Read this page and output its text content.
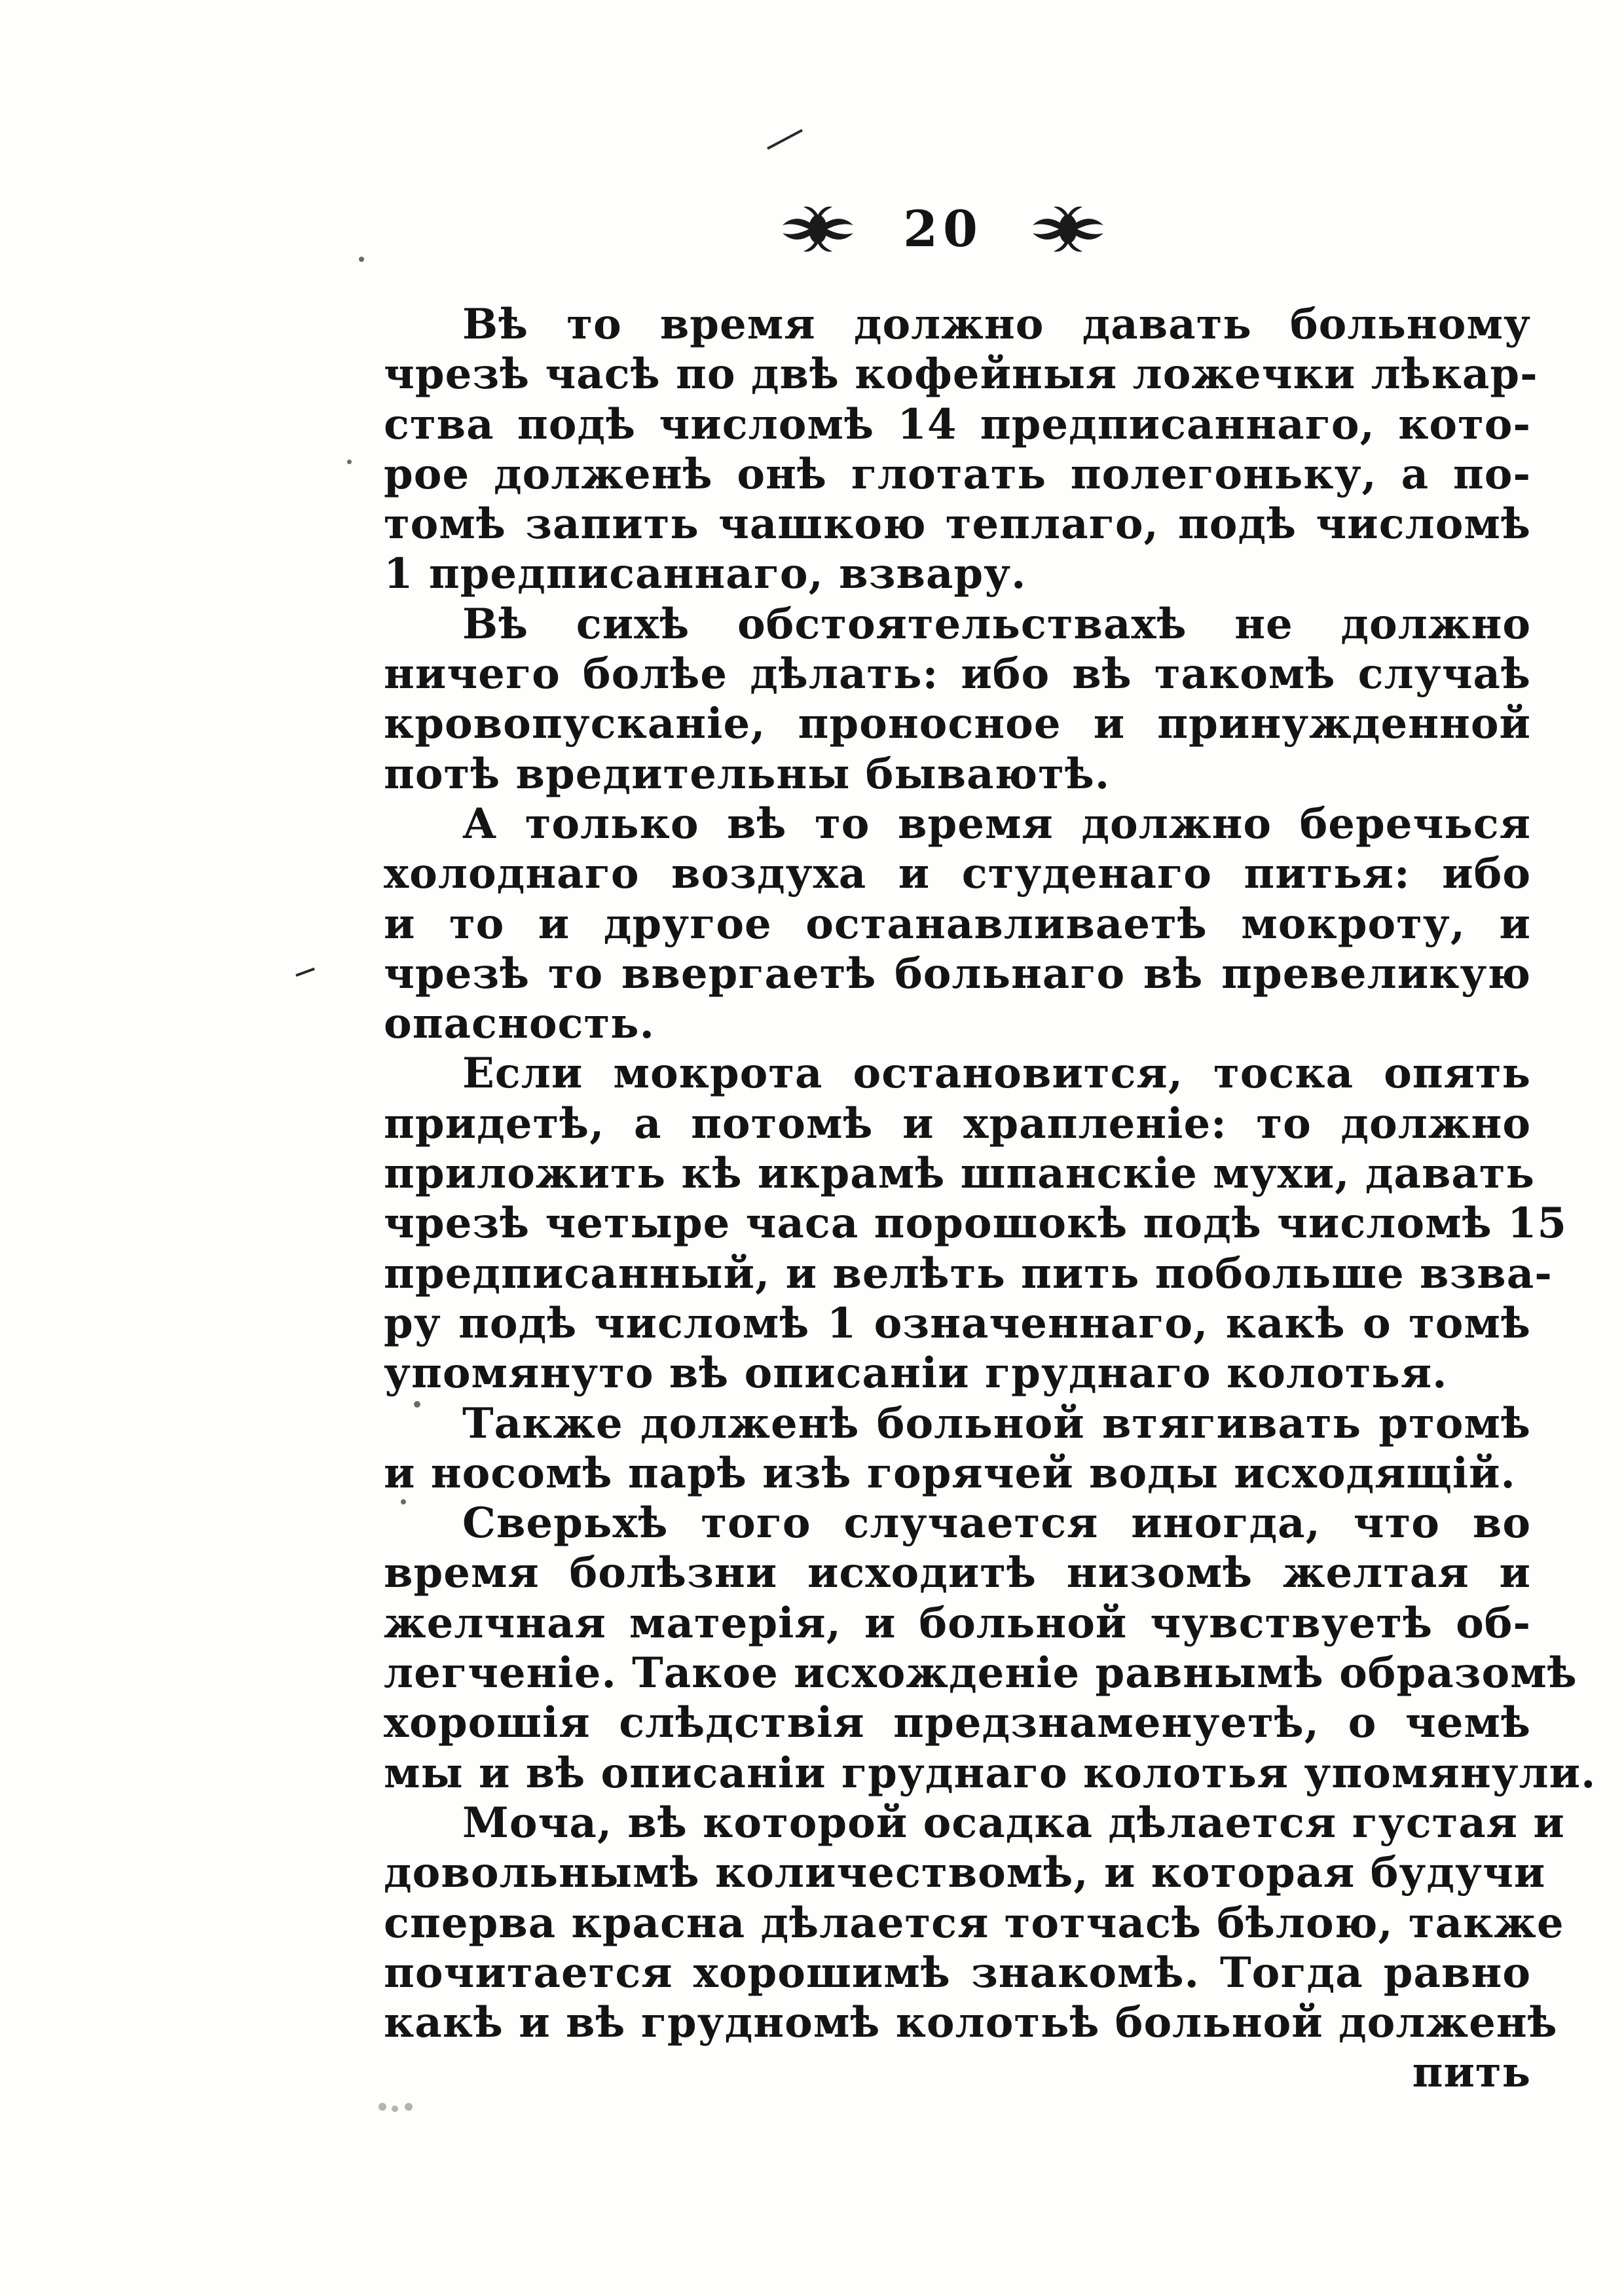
20
Вѣ то время должно давать больному
чрезѣ часѣ по двѣ кофейныя ложечки лѣкар-
ства подѣ числомѣ 14 предписаннаго, кото-
рое долженѣ онѣ глотать полегоньку, а по-
томѣ запить чашкою теплаго, подѣ числомѣ
1 предписаннаго, взвару.
Вѣ сихѣ обстоятельствахѣ не должно
ничего болѣе дѣлать: ибо вѣ такомѣ случаѣ
кровопусканіе, проносное и принужденной
потѣ вредительны бываютѣ.
А только вѣ то время должно беречься
холоднаго воздуха и студенаго питья: ибо
и то и другое останавливаетѣ мокроту, и
чрезѣ то ввергаетѣ больнаго вѣ превеликую
опасность.
Если мокрота остановится, тоска опять
придетѣ, а потомѣ и храпленіе: то должно
приложить кѣ икрамѣ шпанскіе мухи, давать
чрезѣ четыре часа порошокѣ подѣ числомѣ 15
предписанный, и велѣть пить побольше взва-
ру подѣ числомѣ 1 означеннаго, какѣ о томѣ
упомянуто вѣ описаніи груднаго колотья.
Также долженѣ больной втягивать ртомѣ
и носомѣ парѣ изѣ горячей воды исходящій.
Сверьхѣ того случается иногда, что во
время болѣзни исходитѣ низомѣ желтая и
желчная матерія, и больной чувствуетѣ об-
легченіе. Такое исхожденіе равнымѣ образомѣ
хорошія слѣдствія предзнаменуетѣ, о чемѣ
мы и вѣ описаніи груднаго колотья упомянули.
Моча, вѣ которой осадка дѣлается густая и
довольнымѣ количествомѣ, и которая будучи
сперва красна дѣлается тотчасѣ бѣлою, также
почитается хорошимѣ знакомѣ. Тогда равно
какѣ и вѣ грудномѣ колотьѣ больной долженѣ
пить
